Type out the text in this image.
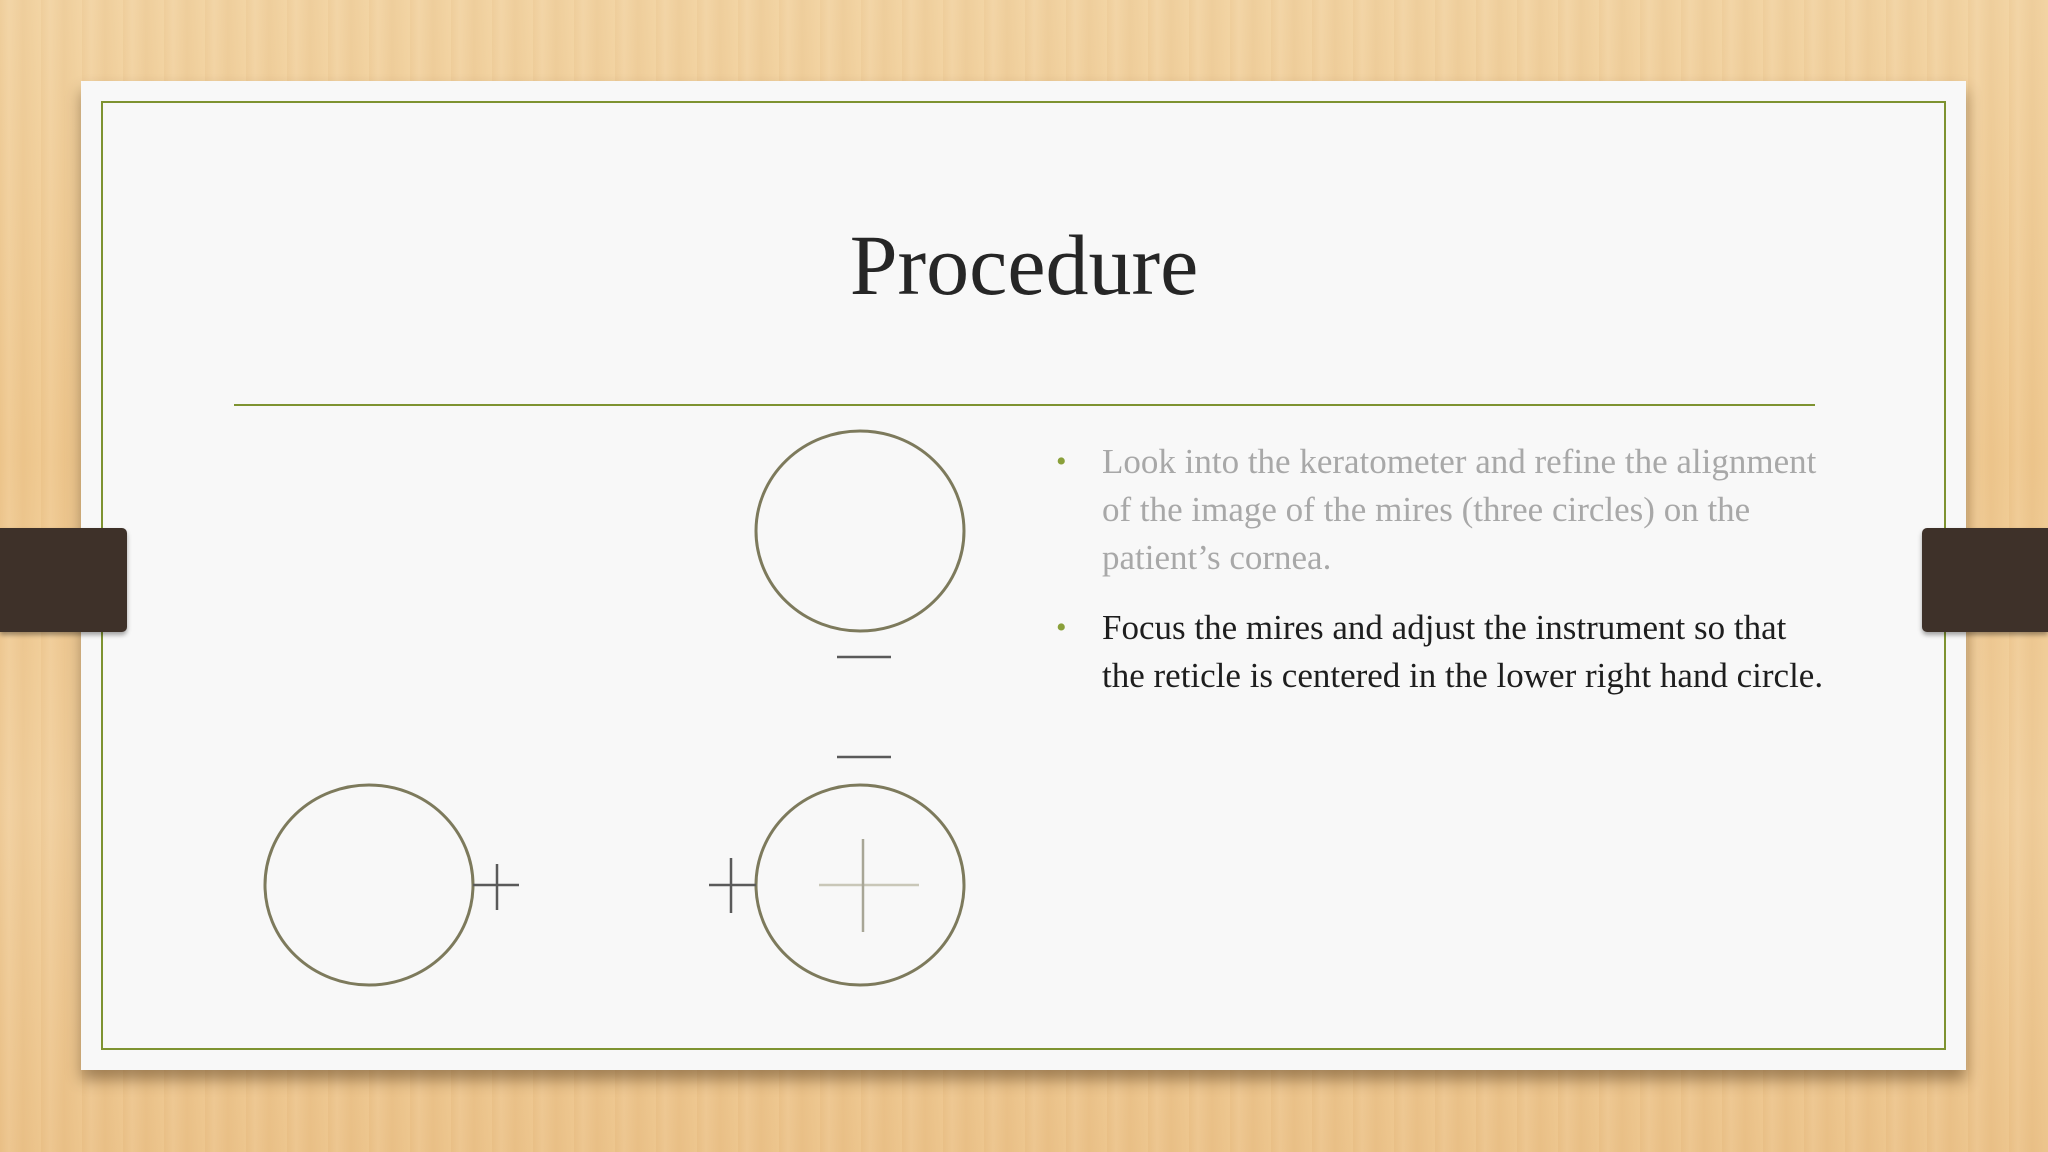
Procedure
• Look into the keratometer and refine the alignment of the image of the mires (three circles) on the patient’s cornea.
• Focus the mires and adjust the instrument so that the reticle is centered in the lower right hand circle.
